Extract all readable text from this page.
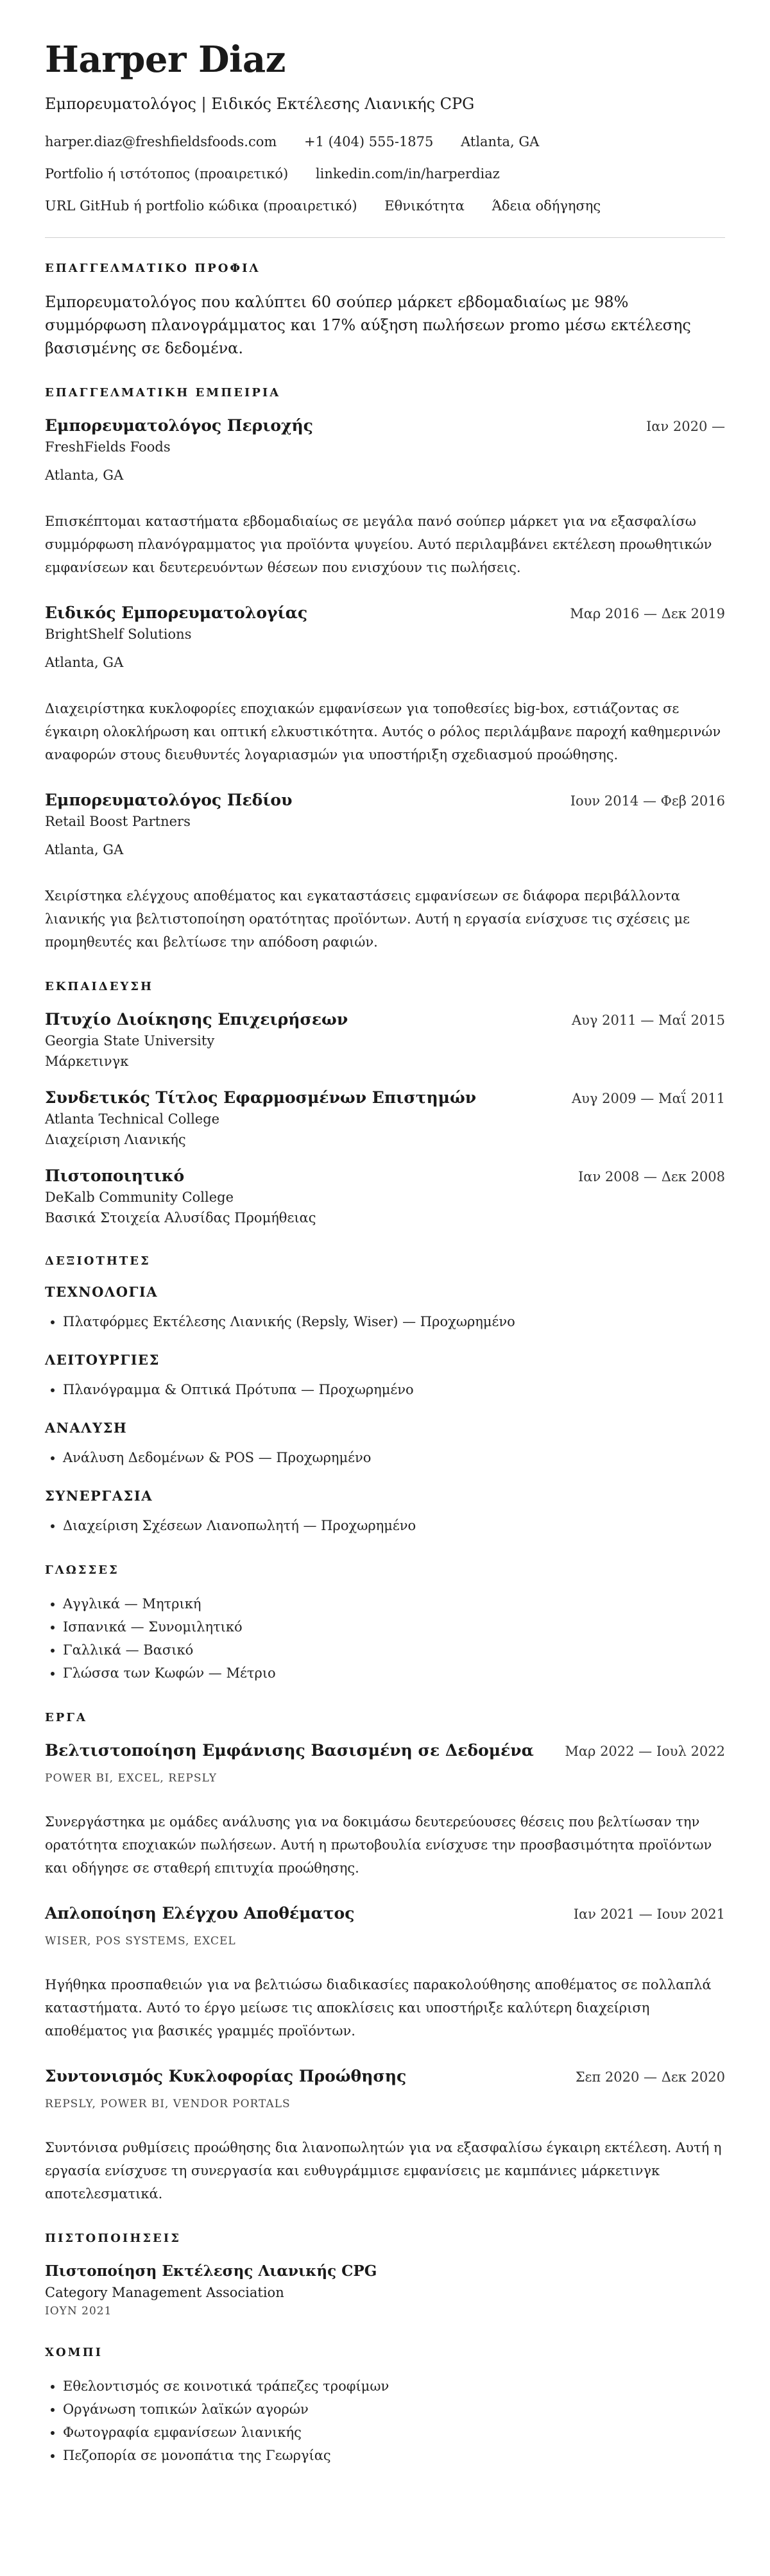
Harper Diaz
Εμπορευματολόγος | Ειδικός Εκτέλεσης Λιανικής CPG
harper.diaz@freshfieldsfoods.com +1 (404) 555-1875 Atlanta, GA
Portfolio ή ιστότοπος (προαιρετικό) linkedin.com/in/harperdiaz
URL GitHub ή portfolio κώδικα (προαιρετικό) Εθνικότητα Άδεια οδήγησης
ΕΠΑΓΓΕΛΜΑΤΙΚΟ ΠΡΟΦΙΛ

Εμπορευματολόγος που καλύπτει 60 σούπερ μάρκετ εβδομαδιαίως με 98% συμμόρφωση πλανογράμματος και 17% αύξηση πωλήσεων promo μέσω εκτέλεσης βασισμένης σε δεδομένα.

ΕΠΑΓΓΕΛΜΑΤΙΚΗ ΕΜΠΕΙΡΙΑ
Εμπορευματολόγος Περιοχής	Ιαν 2020 —
FreshFields Foods
Atlanta, GA
Επισκέπτομαι καταστήματα εβδομαδιαίως σε μεγάλα πανό σούπερ μάρκετ για να εξασφαλίσω συμμόρφωση πλανόγραμματος για προϊόντα ψυγείου. Αυτό περιλαμβάνει εκτέλεση προωθητικών εμφανίσεων και δευτερευόντων θέσεων που ενισχύουν τις πωλήσεις.
Ειδικός Εμπορευματολογίας	Μαρ 2016 — Δεκ 2019
BrightShelf Solutions
Atlanta, GA
Διαχειρίστηκα κυκλοφορίες εποχιακών εμφανίσεων για τοποθεσίες big-box, εστιάζοντας σε έγκαιρη ολοκλήρωση και οπτική ελκυστικότητα. Αυτός ο ρόλος περιλάμβανε παροχή καθημερινών αναφορών στους διευθυντές λογαριασμών για υποστήριξη σχεδιασμού προώθησης.
Εμπορευματολόγος Πεδίου	Ιουν 2014 — Φεβ 2016
Retail Boost Partners
Atlanta, GA
Χειρίστηκα ελέγχους αποθέματος και εγκαταστάσεις εμφανίσεων σε διάφορα περιβάλλοντα λιανικής για βελτιστοποίηση ορατότητας προϊόντων. Αυτή η εργασία ενίσχυσε τις σχέσεις με προμηθευτές και βελτίωσε την απόδοση ραφιών.
ΕΚΠΑΙΔΕΥΣΗ
Πτυχίο Διοίκησης Επιχειρήσεων	Αυγ 2011 — Μαΐ 2015
Georgia State University
Μάρκετινγκ
Συνδετικός Τίτλος Εφαρμοσμένων Επιστημών	Αυγ 2009 — Μαΐ 2011
Atlanta Technical College
Διαχείριση Λιανικής
Πιστοποιητικό	Ιαν 2008 — Δεκ 2008
DeKalb Community College
Βασικά Στοιχεία Αλυσίδας Προμήθειας
ΔΕΞΙΟΤΗΤΕΣ
ΤΕΧΝΟΛΟΓΙΑ
• Πλατφόρμες Εκτέλεσης Λιανικής (Repsly, Wiser) — Προχωρημένο
ΛΕΙΤΟΥΡΓΙΕΣ
• Πλανόγραμμα & Οπτικά Πρότυπα — Προχωρημένο
ΑΝΑΛΥΣΗ
• Ανάλυση Δεδομένων & POS — Προχωρημένο
ΣΥΝΕΡΓΑΣΙΑ
• Διαχείριση Σχέσεων Λιανοπωλητή — Προχωρημένο
ΓΛΩΣΣΕΣ
• Αγγλικά — Μητρική
• Ισπανικά — Συνομιλητικό
• Γαλλικά — Βασικό
• Γλώσσα των Κωφών — Μέτριο
ΕΡΓΑ
Βελτιστοποίηση Εμφάνισης Βασισμένη σε Δεδομένα Μαρ 2022 — Ιουλ 2022
POWER BI, EXCEL, REPSLY
Συνεργάστηκα με ομάδες ανάλυσης για να δοκιμάσω δευτερεύουσες θέσεις που βελτίωσαν την ορατότητα εποχιακών πωλήσεων. Αυτή η πρωτοβουλία ενίσχυσε την προσβασιμότητα προϊόντων και οδήγησε σε σταθερή επιτυχία προώθησης.
Απλοποίηση Ελέγχου Αποθέματος	Ιαν 2021 — Ιουν 2021
WISER, POS SYSTEMS, EXCEL
Ηγήθηκα προσπαθειών για να βελτιώσω διαδικασίες παρακολούθησης αποθέματος σε πολλαπλά καταστήματα. Αυτό το έργο μείωσε τις αποκλίσεις και υποστήριξε καλύτερη διαχείριση αποθέματος για βασικές γραμμές προϊόντων.
Συντονισμός Κυκλοφορίας Προώθησης	Σεπ 2020 — Δεκ 2020
REPSLY, POWER BI, VENDOR PORTALS
Συντόνισα ρυθμίσεις προώθησης δια λιανοπωλητών για να εξασφαλίσω έγκαιρη εκτέλεση. Αυτή η εργασία ενίσχυσε τη συνεργασία και ευθυγράμμισε εμφανίσεις με καμπάνιες μάρκετινγκ αποτελεσματικά.
ΠΙΣΤΟΠΟΙΗΣΕΙΣ
Πιστοποίηση Εκτέλεσης Λιανικής CPG
Category Management Association
ΙΟΥΝ 2021
ΧΟΜΠΙ
• Εθελοντισμός σε κοινοτικά τράπεζες τροφίμων
• Οργάνωση τοπικών λαϊκών αγορών
• Φωτογραφία εμφανίσεων λιανικής
• Πεζοπορία σε μονοπάτια της Γεωργίας
